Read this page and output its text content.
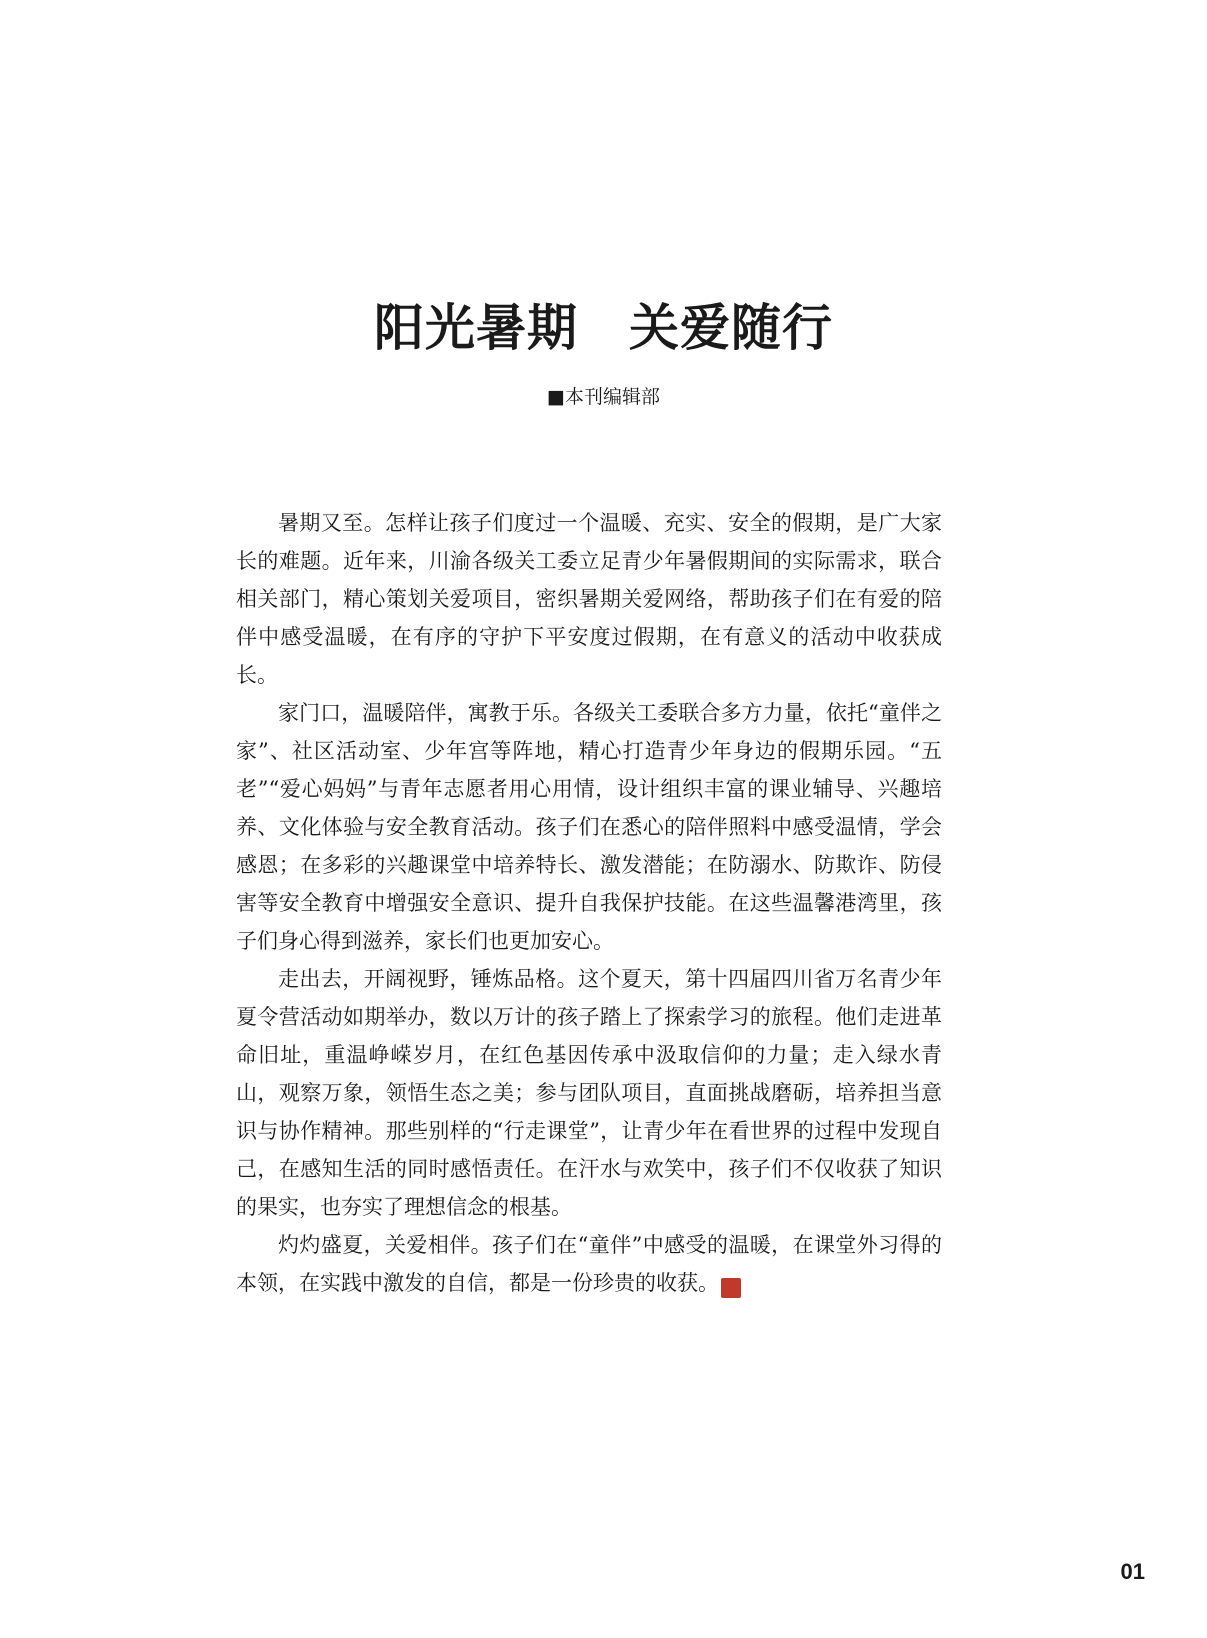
阳光暑期　关爱随行

■本刊编辑部

暑期又至。怎样让孩子们度过一个温暖、充实、安全的假期，是广大家长的难题。近年来，川渝各级关工委立足青少年暑假期间的实际需求，联合相关部门，精心策划关爱项目，密织暑期关爱网络，帮助孩子们在有爱的陪伴中感受温暖，在有序的守护下平安度过假期，在有意义的活动中收获成长。

家门口，温暖陪伴，寓教于乐。各级关工委联合多方力量，依托“童伴之家”、社区活动室、少年宫等阵地，精心打造青少年身边的假期乐园。“五老”“爱心妈妈”与青年志愿者用心用情，设计组织丰富的课业辅导、兴趣培养、文化体验与安全教育活动。孩子们在悉心的陪伴照料中感受温情，学会感恩；在多彩的兴趣课堂中培养特长、激发潜能；在防溺水、防欺诈、防侵害等安全教育中增强安全意识、提升自我保护技能。在这些温馨港湾里，孩子们身心得到滋养，家长们也更加安心。

走出去，开阔视野，锤炼品格。这个夏天，第十四届四川省万名青少年夏令营活动如期举办，数以万计的孩子踏上了探索学习的旅程。他们走进革命旧址，重温峥嵘岁月，在红色基因传承中汲取信仰的力量；走入绿水青山，观察万象，领悟生态之美；参与团队项目，直面挑战磨砺，培养担当意识与协作精神。那些别样的“行走课堂”，让青少年在看世界的过程中发现自己，在感知生活的同时感悟责任。在汗水与欢笑中，孩子们不仅收获了知识的果实，也夯实了理想信念的根基。

灼灼盛夏，关爱相伴。孩子们在“童伴”中感受的温暖，在课堂外习得的本领，在实践中激发的自信，都是一份珍贵的收获。	关

01
